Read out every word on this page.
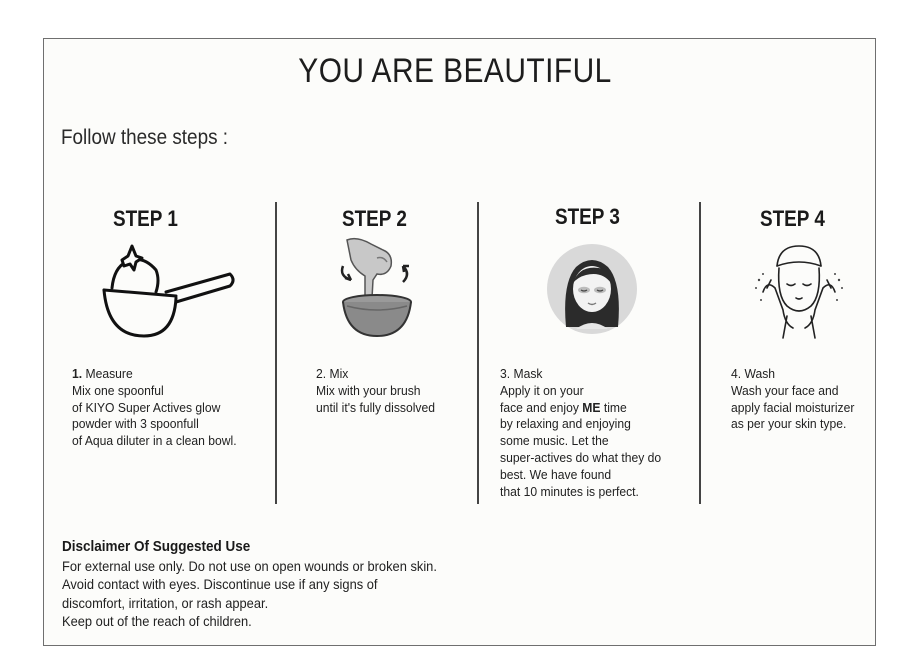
YOU ARE BEAUTIFUL
Follow these steps :
STEP 1	STEP 2	STEP 3	STEP 4
1. Measure
Mix one spoonful
of KIYO Super Actives glow
powder with 3 spoonfull
of Aqua diluter in a clean bowl.
2. Mix
Mix with your brush
until it's fully dissolved
3. Mask
Apply it on your
face and enjoy ME time
by relaxing and enjoying
some music. Let the
super-actives do what they do
best. We have found
that 10 minutes is perfect.
4. Wash
Wash your face and
apply facial moisturizer
as per your skin type.
Disclaimer Of Suggested Use
For external use only. Do not use on open wounds or broken skin.
Avoid contact with eyes. Discontinue use if any signs of
discomfort, irritation, or rash appear.
Keep out of the reach of children.
